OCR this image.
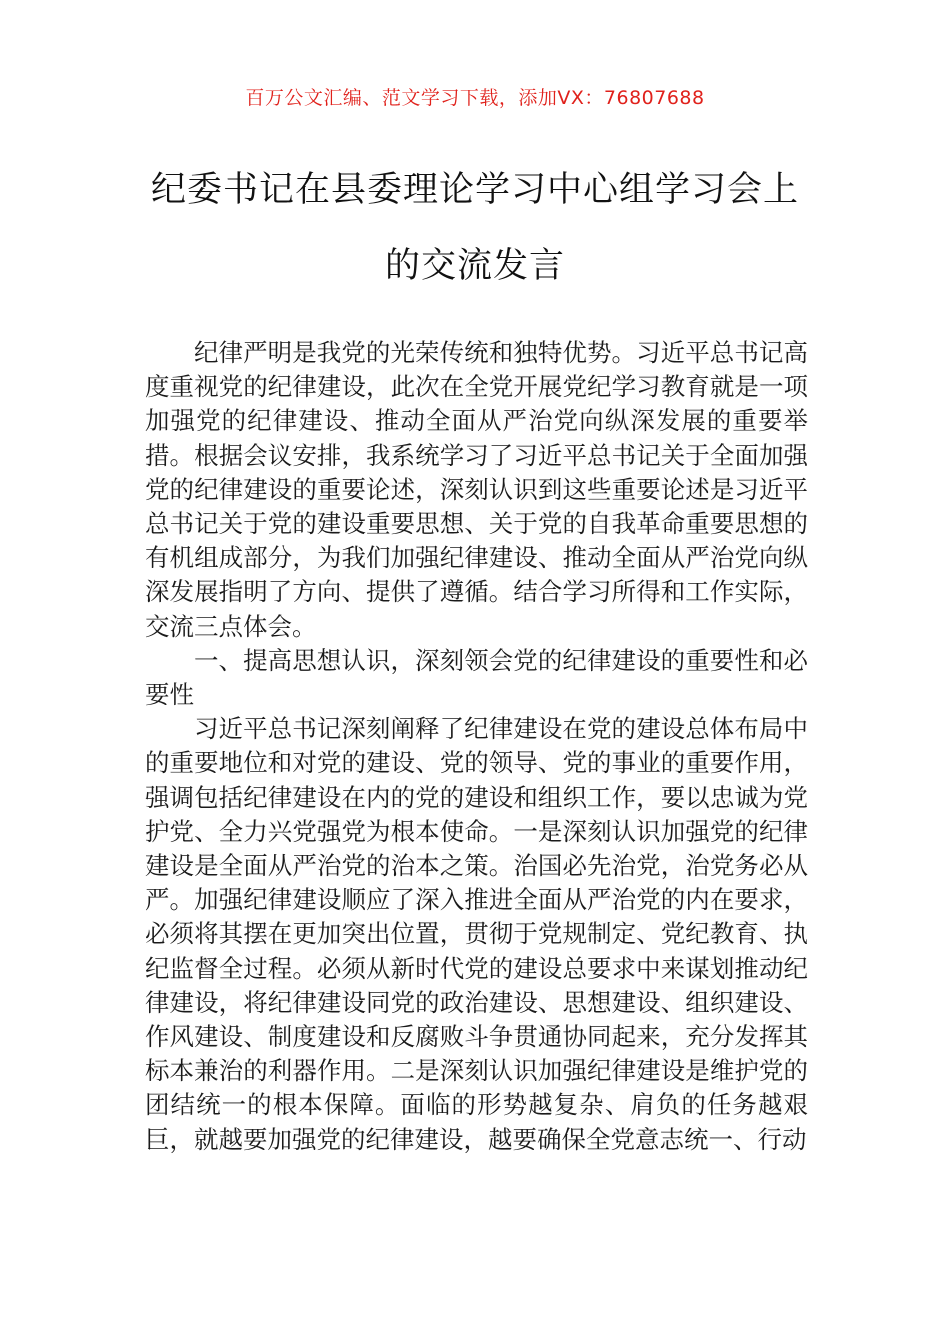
百万公文汇编、范文学习下载，添加VX：76807688
纪委书记在县委理论学习中心组学习会上
的交流发言

纪律严明是我党的光荣传统和独特优势。习近平总书记高度重视党的纪律建设，此次在全党开展党纪学习教育就是一项加强党的纪律建设、推动全面从严治党向纵深发展的重要举措。根据会议安排，我系统学习了习近平总书记关于全面加强党的纪律建设的重要论述，深刻认识到这些重要论述是习近平总书记关于党的建设重要思想、关于党的自我革命重要思想的有机组成部分，为我们加强纪律建设、推动全面从严治党向纵深发展指明了方向、提供了遵循。结合学习所得和工作实际，交流三点体会。

一、提高思想认识，深刻领会党的纪律建设的重要性和必要性

习近平总书记深刻阐释了纪律建设在党的建设总体布局中的重要地位和对党的建设、党的领导、党的事业的重要作用，强调包括纪律建设在内的党的建设和组织工作，要以忠诚为党护党、全力兴党强党为根本使命。一是深刻认识加强党的纪律建设是全面从严治党的治本之策。治国必先治党，治党务必从严。加强纪律建设顺应了深入推进全面从严治党的内在要求，必须将其摆在更加突出位置，贯彻于党规制定、党纪教育、执纪监督全过程。必须从新时代党的建设总要求中来谋划推动纪律建设，将纪律建设同党的政治建设、思想建设、组织建设、作风建设、制度建设和反腐败斗争贯通协同起来，充分发挥其标本兼治的利器作用。二是深刻认识加强纪律建设是维护党的团结统一的根本保障。面临的形势越复杂、肩负的任务越艰巨，就越要加强党的纪律建设，越要确保全党意志统一、行动
